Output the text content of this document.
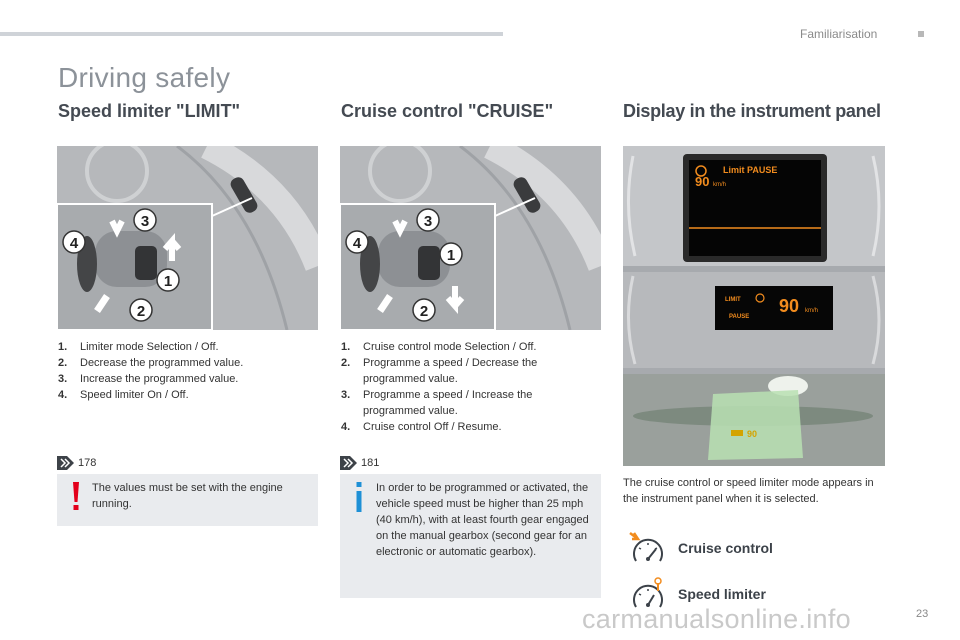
Familiarisation
Driving safely
Speed limiter "LIMIT"	Cruise control "CRUISE"	Display in the instrument panel
3
1
2
4
3
1
2
4
Limit PAUSE
90 km/h
LIMIT
PAUSE
90 km/h
90
1. Limiter mode Selection / Off.
2. Decrease the programmed value.
3. Increase the programmed value.
4. Speed limiter On / Off.
1. Cruise control mode Selection / Off.
2. Programme a speed / Decrease the programmed value.
3. Programme a speed / Increase the programmed value.
4. Cruise control Off / Resume.
178	181
The values must be set with the engine running.
In order to be programmed or activated, the vehicle speed must be higher than 25 mph (40 km/h), with at least fourth gear engaged on the manual gearbox (second gear for an electronic or automatic gearbox).

The cruise control or speed limiter mode appears in the instrument panel when it is selected.

Cruise control
Speed limiter
carmanualsonline.info	23
